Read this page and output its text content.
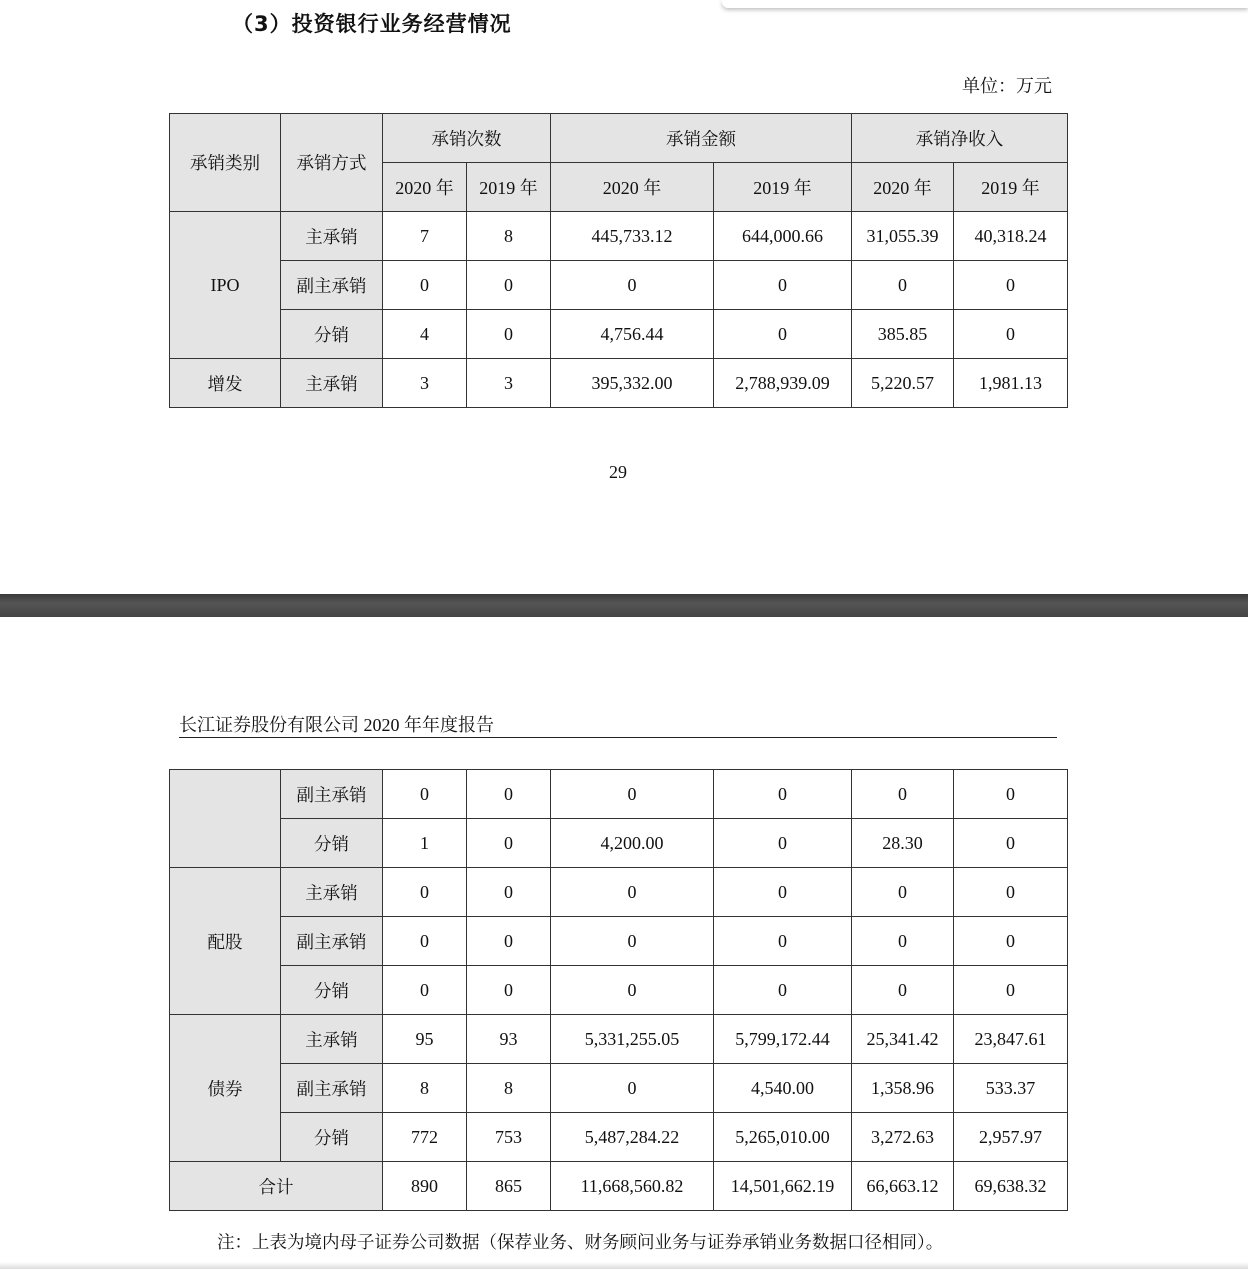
（3）投资银行业务经营情况
单位：万元
承销类别	承销方式	承销次数		承销金额		承销净收入	
		2020 年	2019 年	2020 年	2019 年	2020 年	2019 年
IPO	主承销	7	8	445,733.12	644,000.66	31,055.39	40,318.24
	副主承销	0	0	0	0	0	0
	分销	4	0	4,756.44	0	385.85	0
增发	主承销	3	3	395,332.00	2,788,939.09	5,220.57	1,981.13
29
长江证券股份有限公司 2020 年年度报告
	副主承销	0	0	0	0	0	0
	分销	1	0	4,200.00	0	28.30	0
配股	主承销	0	0	0	0	0	0
	副主承销	0	0	0	0	0	0
	分销	0	0	0	0	0	0
债券	主承销	95	93	5,331,255.05	5,799,172.44	25,341.42	23,847.61
	副主承销	8	8	0	4,540.00	1,358.96	533.37
	分销	772	753	5,487,284.22	5,265,010.00	3,272.63	2,957.97
合计		890	865	11,668,560.82	14,501,662.19	66,663.12	69,638.32
注：上表为境内母子证券公司数据（保荐业务、财务顾问业务与证券承销业务数据口径相同）。
